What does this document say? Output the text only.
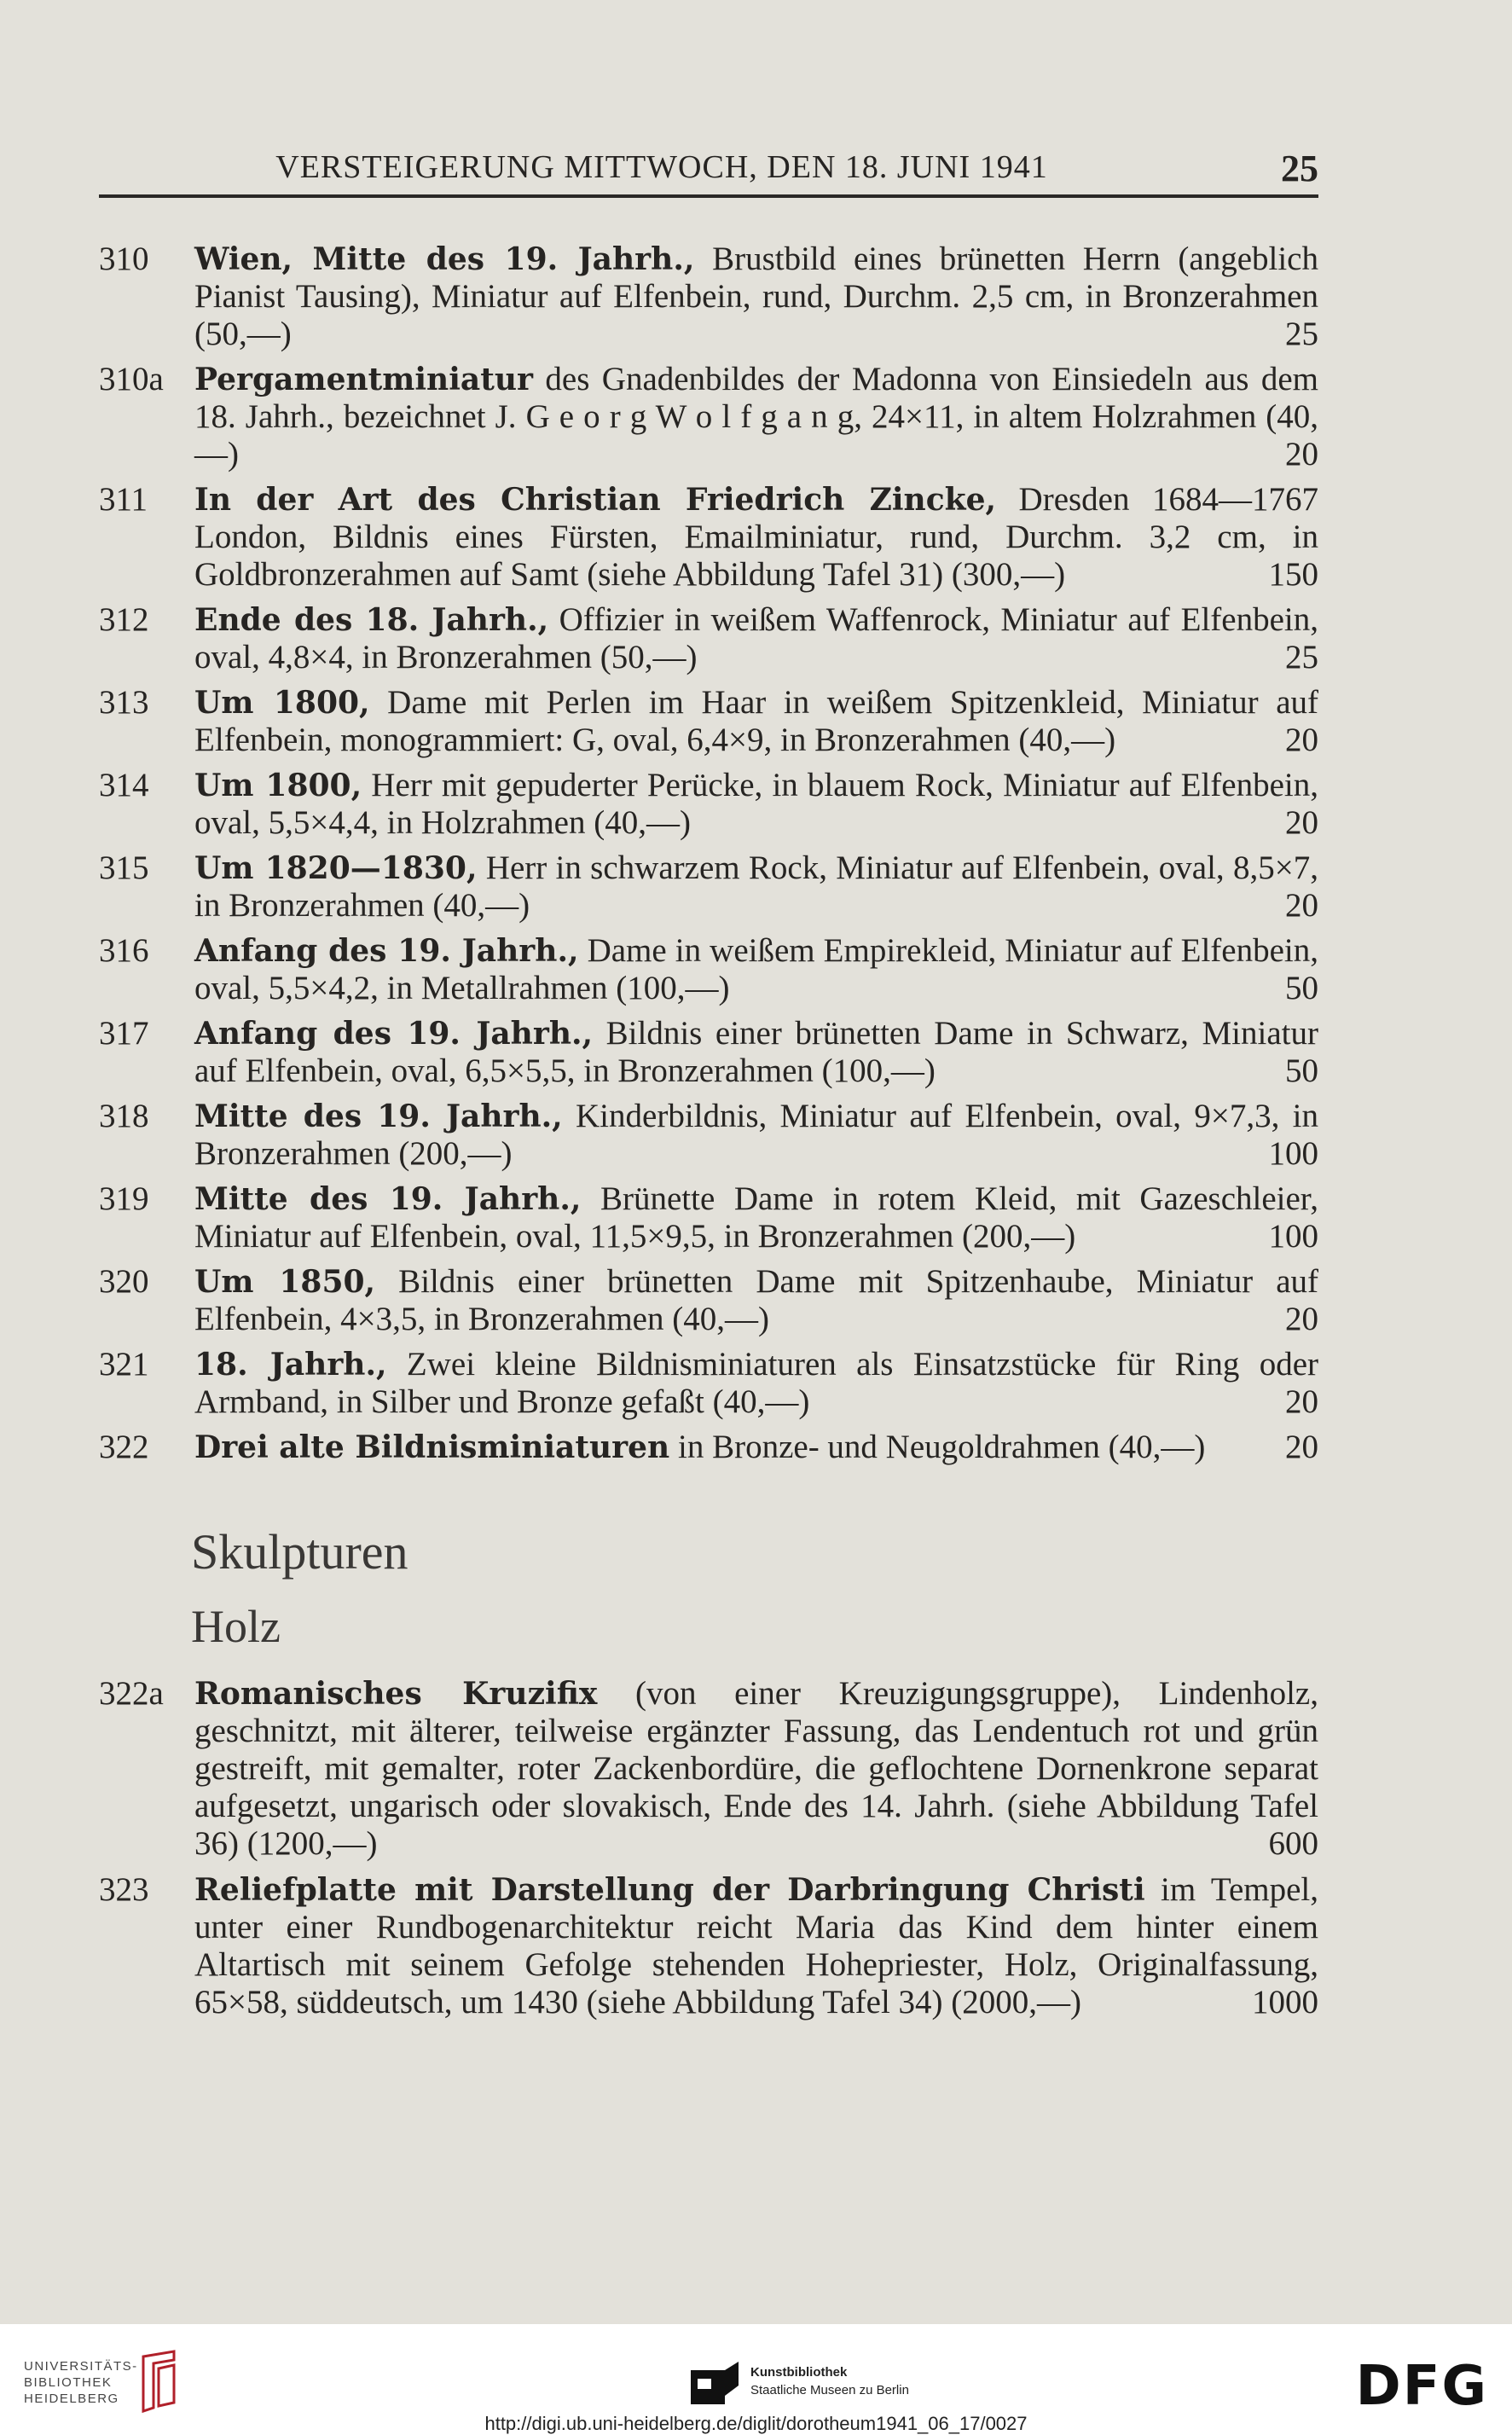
VERSTEIGERUNG MITTWOCH, DEN 18. JUNI 1941	25
310 Wien, Mitte des 19. Jahrh., Brustbild eines brünetten Herrn (angeblich Pianist Tausing), Miniatur auf Elfenbein, rund, Durchm. 2,5 cm, in Bronzerahmen (50,—)	25
310a Pergamentminiatur des Gnadenbildes der Madonna von Einsiedeln aus dem 18. Jahrh., bezeichnet J. G e o r g W o l f g a n g, 24×11, in altem Holzrahmen (40,—)	20
311 In der Art des Christian Friedrich Zincke, Dresden 1684—1767 London, Bildnis eines Fürsten, Emailminiatur, rund, Durchm. 3,2 cm, in Goldbronzerahmen auf Samt (siehe Abbildung Tafel 31) (300,—)	150
312 Ende des 18. Jahrh., Offizier in weißem Waffenrock, Miniatur auf Elfenbein, oval, 4,8×4, in Bronzerahmen (50,—)	25
313 Um 1800, Dame mit Perlen im Haar in weißem Spitzenkleid, Miniatur auf Elfenbein, monogrammiert: G, oval, 6,4×9, in Bronzerahmen (40,—)	20
314 Um 1800, Herr mit gepuderter Perücke, in blauem Rock, Miniatur auf Elfenbein, oval, 5,5×4,4, in Holzrahmen (40,—)	20
315 Um 1820—1830, Herr in schwarzem Rock, Miniatur auf Elfenbein, oval, 8,5×7, in Bronzerahmen (40,—)	20
316 Anfang des 19. Jahrh., Dame in weißem Empirekleid, Miniatur auf Elfenbein, oval, 5,5×4,2, in Metallrahmen (100,—)	50
317 Anfang des 19. Jahrh., Bildnis einer brünetten Dame in Schwarz, Miniatur auf Elfenbein, oval, 6,5×5,5, in Bronzerahmen (100,—)	50
318 Mitte des 19. Jahrh., Kinderbildnis, Miniatur auf Elfenbein, oval, 9×7,3, in Bronzerahmen (200,—)	100
319 Mitte des 19. Jahrh., Brünette Dame in rotem Kleid, mit Gazeschleier, Miniatur auf Elfenbein, oval, 11,5×9,5, in Bronzerahmen (200,—)	100
320 Um 1850, Bildnis einer brünetten Dame mit Spitzenhaube, Miniatur auf Elfenbein, 4×3,5, in Bronzerahmen (40,—)	20
321 18. Jahrh., Zwei kleine Bildnisminiaturen als Einsatzstücke für Ring oder Armband, in Silber und Bronze gefaßt (40,—)	20
322 Drei alte Bildnisminiaturen in Bronze- und Neugoldrahmen (40,—) 20
Skulpturen
Holz
322a Romanisches Kruzifix (von einer Kreuzigungsgruppe), Lindenholz, geschnitzt, mit älterer, teilweise ergänzter Fassung, das Lendentuch rot und grün gestreift, mit gemalter, roter Zackenbordüre, die geflochtene Dornenkrone separat aufgesetzt, ungarisch oder slovakisch, Ende des 14. Jahrh. (siehe Abbildung Tafel 36) (1200,—)	600
323 Reliefplatte mit Darstellung der Darbringung Christi im Tempel, unter einer Rundbogenarchitektur reicht Maria das Kind dem hinter einem Altartisch mit seinem Gefolge stehenden Hohepriester, Holz, Originalfassung, 65×58, süddeutsch, um 1430 (siehe Abbildung Tafel 34) (2000,—)	1000
UNIVERSITÄTS-
BIBLIOTHEK
HEIDELBERG
Kunstbibliothek
Staatliche Museen zu Berlin	DFG
http://digi.ub.uni-heidelberg.de/diglit/dorotheum1941_06_17/0027
